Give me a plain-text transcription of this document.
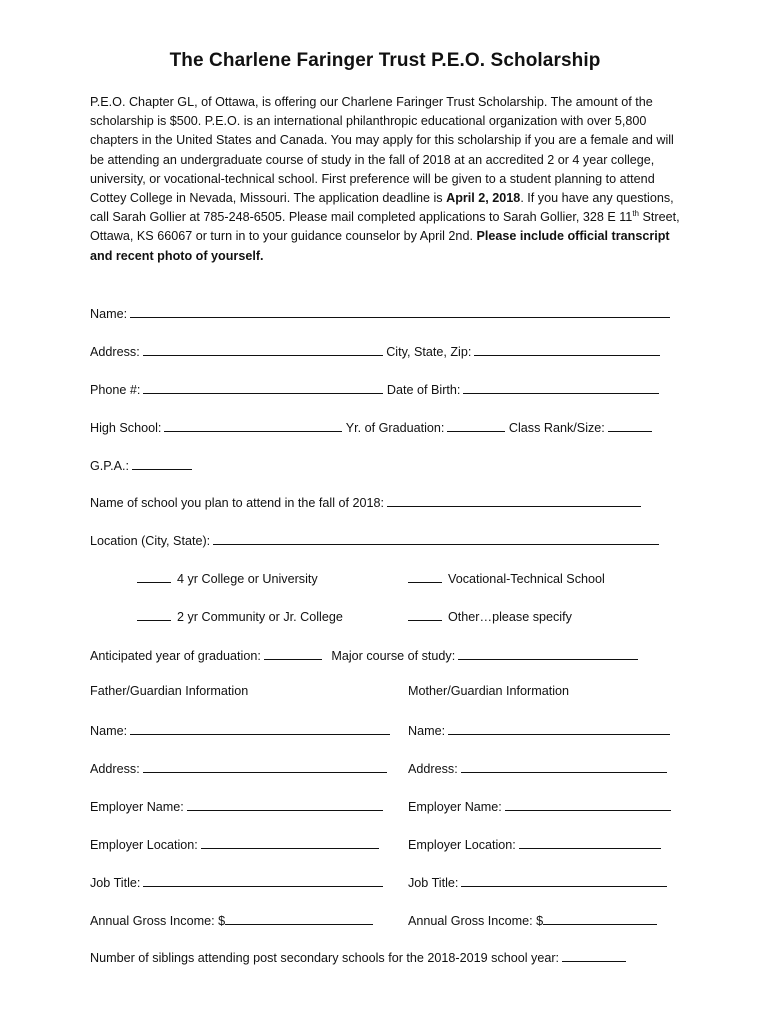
The Charlene Faringer Trust P.E.O. Scholarship
P.E.O. Chapter GL, of Ottawa, is offering our Charlene Faringer Trust Scholarship. The amount of the scholarship is $500. P.E.O. is an international philanthropic educational organization with over 5,800 chapters in the United States and Canada. You may apply for this scholarship if you are a female and will be attending an undergraduate course of study in the fall of 2018 at an accredited 2 or 4 year college, university, or vocational-technical school. First preference will be given to a student planning to attend Cottey College in Nevada, Missouri. The application deadline is April 2, 2018. If you have any questions, call Sarah Gollier at 785-248-6505. Please mail completed applications to Sarah Gollier, 328 E 11th Street, Ottawa, KS 66067 or turn in to your guidance counselor by April 2nd. Please include official transcript and recent photo of yourself.
Name:
Address:	City, State, Zip:
Phone #:	Date of Birth:
High School:	Yr. of Graduation:	Class Rank/Size:
G.P.A.:
Name of school you plan to attend in the fall of 2018:
Location (City, State):
4 yr College or University	Vocational-Technical School
2 yr Community or Jr. College	Other…please specify
Anticipated year of graduation:	Major course of study:
Father/Guardian Information	Mother/Guardian Information
Name:	Name:
Address:	Address:
Employer Name:	Employer Name:
Employer Location:	Employer Location:
Job Title:	Job Title:
Annual Gross Income: $	Annual Gross Income: $
Number of siblings attending post secondary schools for the 2018-2019 school year:
